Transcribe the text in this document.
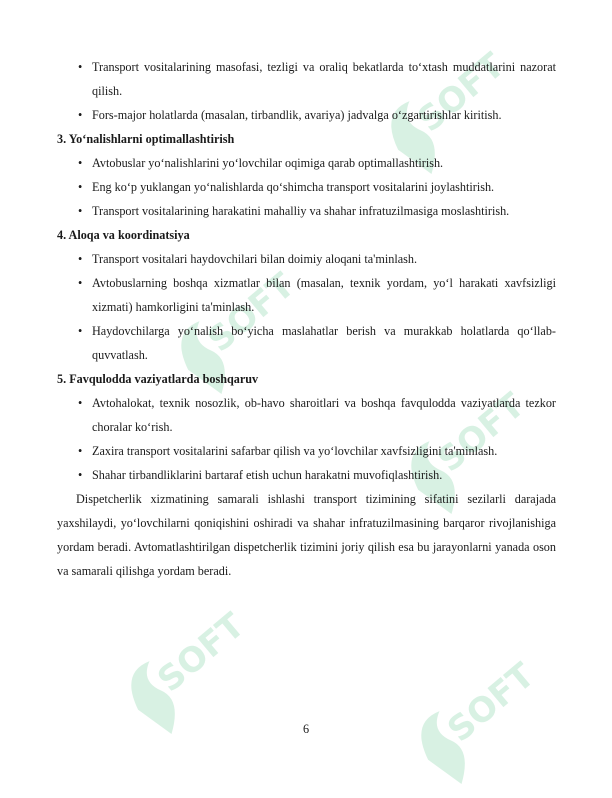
SOFT
SOFT
SOFT
SOFT
SOFT
• Transport vositalarining masofasi, tezligi va oraliq bekatlarda to‘xtash muddatlarini nazorat qilish.
• Fors-major holatlarda (masalan, tirbandlik, avariya) jadvalga o‘zgartirishlar kiritish.

3. Yo‘nalishlarni optimallashtirish

• Avtobuslar yo‘nalishlarini yo‘lovchilar oqimiga qarab optimallashtirish.
• Eng ko‘p yuklangan yo‘nalishlarda qo‘shimcha transport vositalarini joylashtirish.
• Transport vositalarining harakatini mahalliy va shahar infratuzilmasiga moslashtirish.

4. Aloqa va koordinatsiya

• Transport vositalari haydovchilari bilan doimiy aloqani ta'minlash.
• Avtobuslarning boshqa xizmatlar bilan (masalan, texnik yordam, yo‘l harakati xavfsizligi xizmati) hamkorligini ta'minlash.
• Haydovchilarga yo‘nalish bo‘yicha maslahatlar berish va murakkab holatlarda qo‘llab-quvvatlash.

5. Favqulodda vaziyatlarda boshqaruv

• Avtohalokat, texnik nosozlik, ob-havo sharoitlari va boshqa favqulodda vaziyatlarda tezkor choralar ko‘rish.
• Zaxira transport vositalarini safarbar qilish va yo‘lovchilar xavfsizligini ta'minlash.
• Shahar tirbandliklarini bartaraf etish uchun harakatni muvofiqlashtirish.

Dispetcherlik xizmatining samarali ishlashi transport tizimining sifatini sezilarli darajada yaxshilaydi, yo‘lovchilarni qoniqishini oshiradi va shahar infratuzilmasining barqaror rivojlanishiga yordam beradi. Avtomatlashtirilgan dispetcherlik tizimini joriy qilish esa bu jarayonlarni yanada oson va samarali qilishga yordam beradi.

6
